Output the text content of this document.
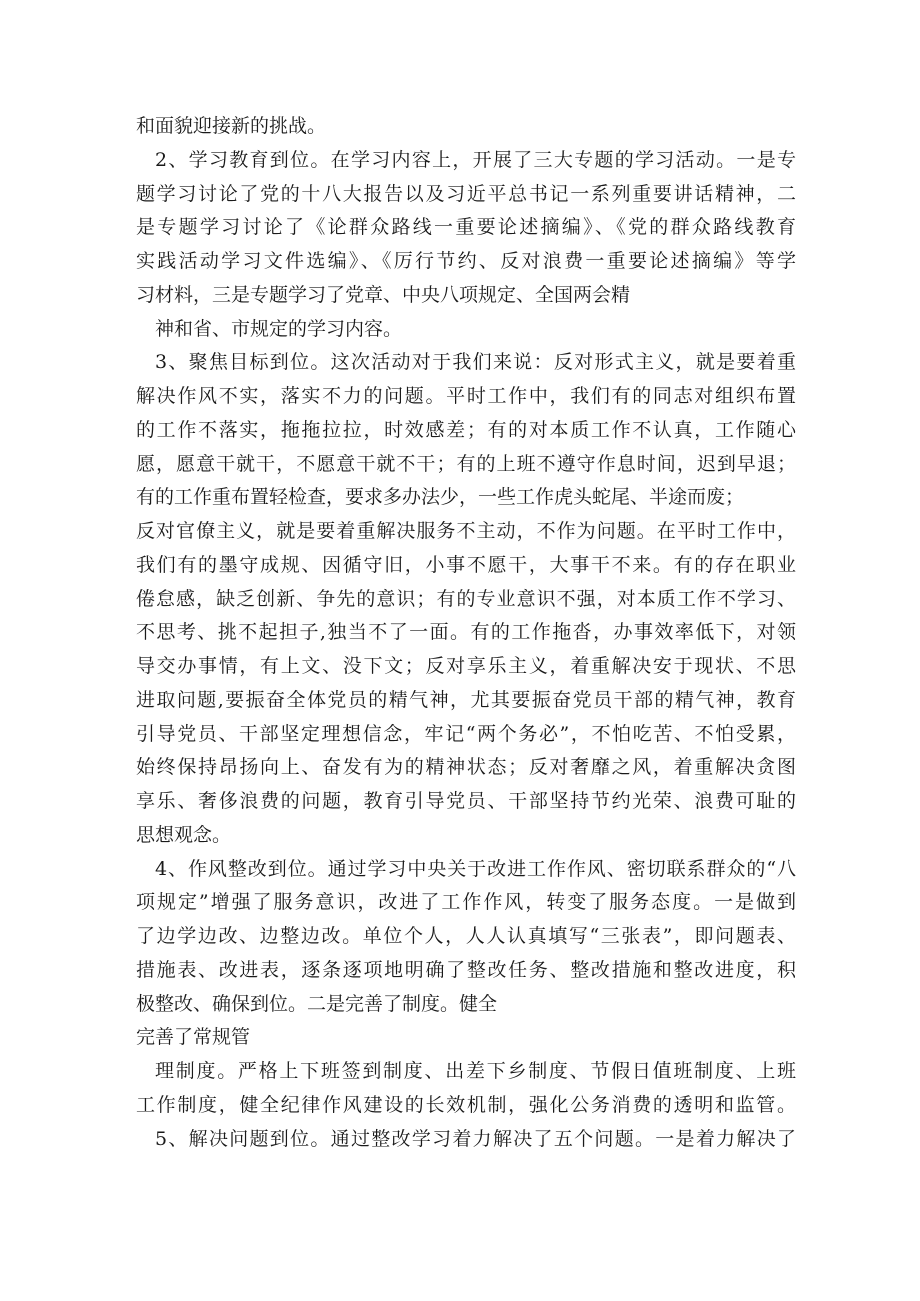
和面貌迎接新的挑战。
2、学习教育到位。在学习内容上，开展了三大专题的学习活动。一是专
题学习讨论了党的十八大报告以及习近平总书记一系列重要讲话精神，二
是专题学习讨论了《论群众路线一重要论述摘编》、《党的群众路线教育
实践活动学习文件选编》、《厉行节约、反对浪费一重要论述摘编》等学
习材料，三是专题学习了党章、中央八项规定、全国两会精
神和省、市规定的学习内容。
3、聚焦目标到位。这次活动对于我们来说：反对形式主义，就是要着重
解决作风不实，落实不力的问题。平时工作中，我们有的同志对组织布置
的工作不落实，拖拖拉拉，时效感差；有的对本质工作不认真，工作随心
愿，愿意干就干，不愿意干就不干；有的上班不遵守作息时间，迟到早退；
有的工作重布置轻检查，要求多办法少，一些工作虎头蛇尾、半途而废；
反对官僚主义，就是要着重解决服务不主动，不作为问题。在平时工作中，
我们有的墨守成规、因循守旧，小事不愿干，大事干不来。有的存在职业
倦怠感，缺乏创新、争先的意识；有的专业意识不强，对本质工作不学习、
不思考、挑不起担子,独当不了一面。有的工作拖沓，办事效率低下，对领
导交办事情，有上文、没下文；反对享乐主义，着重解决安于现状、不思
进取问题,要振奋全体党员的精气神，尤其要振奋党员干部的精气神，教育
引导党员、干部坚定理想信念，牢记“两个务必”，不怕吃苦、不怕受累，
始终保持昂扬向上、奋发有为的精神状态；反对奢靡之风，着重解决贪图
享乐、奢侈浪费的问题，教育引导党员、干部坚持节约光荣、浪费可耻的
思想观念。
4、作风整改到位。通过学习中央关于改进工作作风、密切联系群众的“八
项规定”增强了服务意识，改进了工作作风，转变了服务态度。一是做到
了边学边改、边整边改。单位个人，人人认真填写“三张表”，即问题表、
措施表、改进表，逐条逐项地明确了整改任务、整改措施和整改进度，积
极整改、确保到位。二是完善了制度。健全
完善了常规管
理制度。严格上下班签到制度、出差下乡制度、节假日值班制度、上班
工作制度，健全纪律作风建设的长效机制，强化公务消费的透明和监管。
5、解决问题到位。通过整改学习着力解决了五个问题。一是着力解决了
